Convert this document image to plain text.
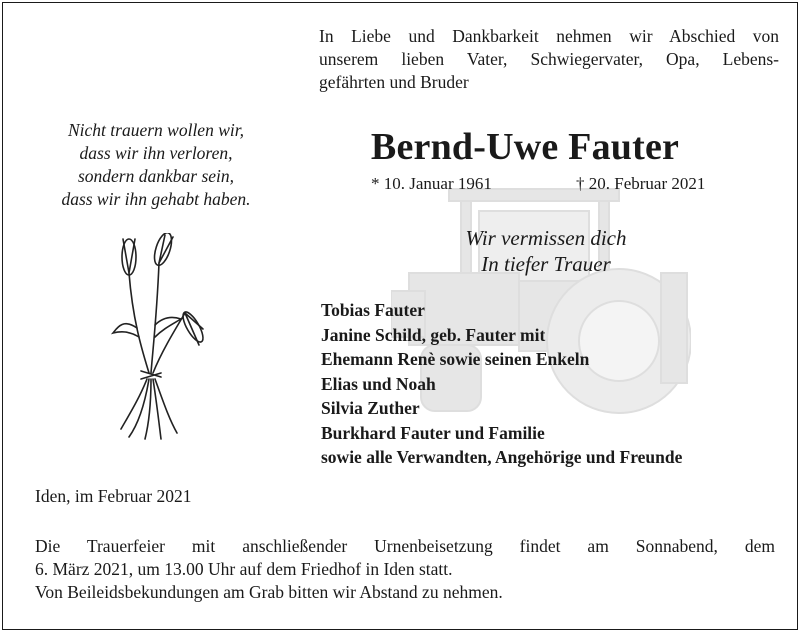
In Liebe und Dankbarkeit nehmen wir Abschied von
unserem lieben Vater, Schwiegervater, Opa, Lebens-
gefährten und Bruder
Nicht trauern wollen wir,
dass wir ihn verloren,
sondern dankbar sein,
dass wir ihn gehabt haben.
Bernd-Uwe Fauter
* 10. Januar 1961	† 20. Februar 2021
Wir vermissen dich
In tiefer Trauer
Tobias Fauter
Janine Schild, geb. Fauter mit
Ehemann Renè sowie seinen Enkeln
Elias und Noah
Silvia Zuther
Burkhard Fauter und Familie
sowie alle Verwandten, Angehörige und Freunde
Iden, im Februar 2021
Die Trauerfeier mit anschließender Urnenbeisetzung findet am Sonnabend, dem
6. März 2021, um 13.00 Uhr auf dem Friedhof in Iden statt.
Von Beileidsbekundungen am Grab bitten wir Abstand zu nehmen.
